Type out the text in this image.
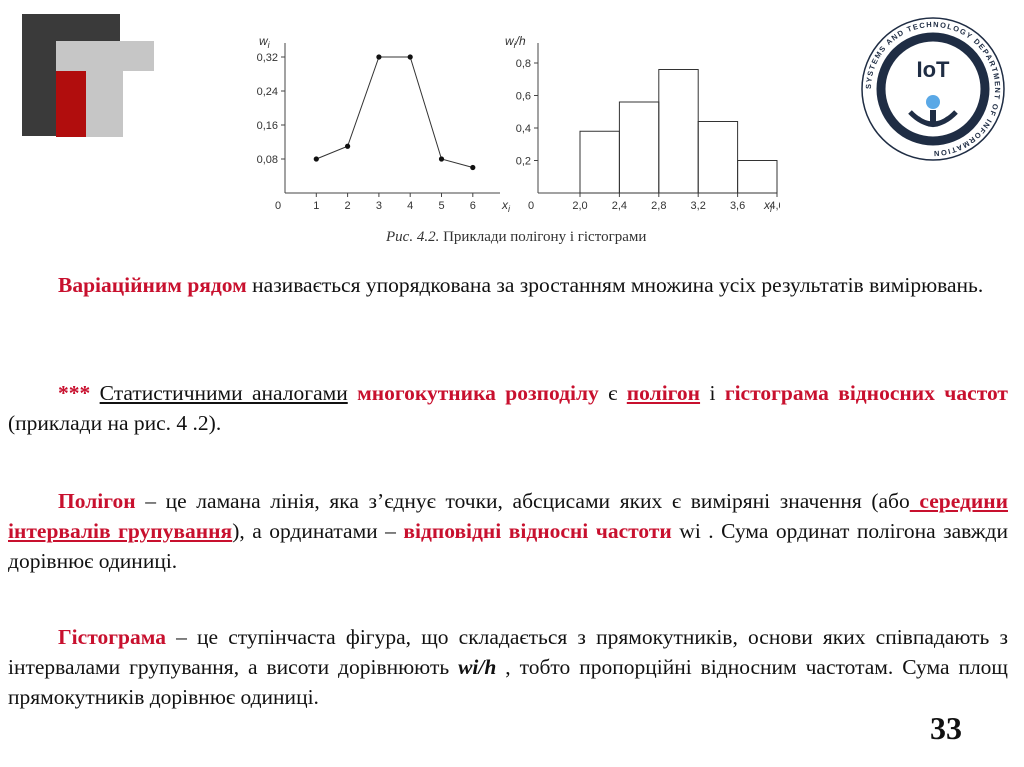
SYSTEMS AND TECHNOLOGY DEPARTMENT OF INFORMATION
IoT
$w_i$
$x_i$
0	1 2 3 4 5 6
0,08
0,16
0,24
0,32
$w_i/h$
$x_i$
0
0,2
0,4
0,6
0,8
2,0 2,4 2,8 3,2 3,6 4,
Рис. 4.2. Приклади полігону і гістограми

Варіаційним рядом називається упорядкована за зростанням множина усіх результатів вимірювань.

*** Статистичними аналогами многокутника розподілу є полігон і гістограма відносних частот (приклади на рис. 4 .2).

Полігон – це ламана лінія, яка з’єднує точки, абсцисами яких є виміряні значення (або середини інтервалів групування), а ординатами – відповідні відносні частоти wi . Сума ординат полігона завжди дорівнює одиниці.

Гістограма – це ступінчаста фігура, що складається з прямокутників, основи яких співпадають з інтервалами групування, а висоти дорівнюють wi/h , тобто пропорційні відносним частотам. Сума площ прямокутників дорівнює одиниці.

33
